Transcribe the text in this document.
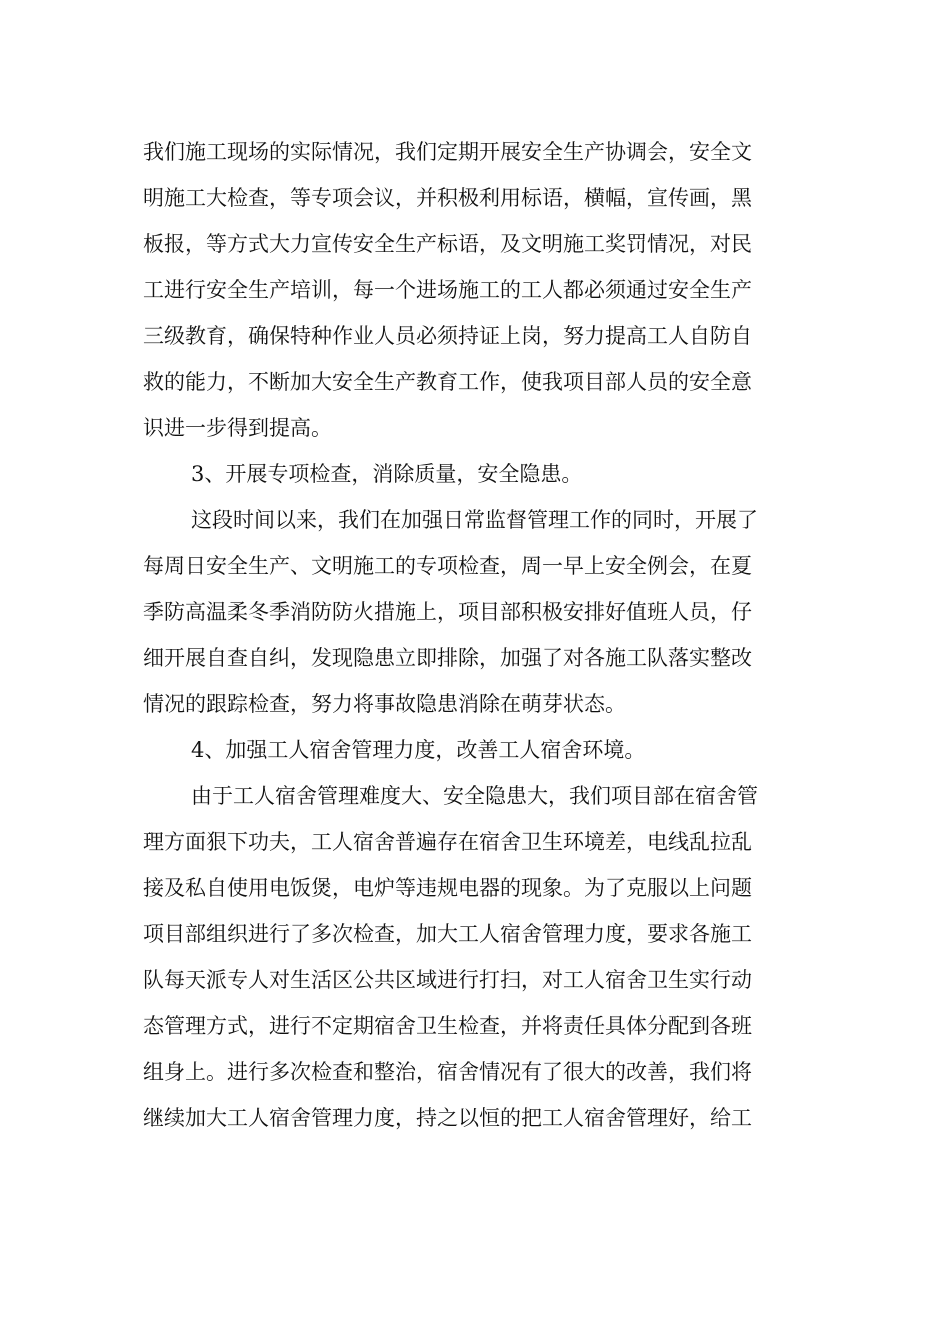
我们施工现场的实际情况，我们定期开展安全生产协调会，安全文
明施工大检查，等专项会议，并积极利用标语，横幅，宣传画，黑
板报，等方式大力宣传安全生产标语，及文明施工奖罚情况，对民
工进行安全生产培训，每一个进场施工的工人都必须通过安全生产
三级教育，确保特种作业人员必须持证上岗，努力提高工人自防自
救的能力，不断加大安全生产教育工作，使我项目部人员的安全意
识进一步得到提高。
3、开展专项检查，消除质量，安全隐患。
这段时间以来，我们在加强日常监督管理工作的同时，开展了
每周日安全生产、文明施工的专项检查，周一早上安全例会，在夏
季防高温柔冬季消防防火措施上，项目部积极安排好值班人员，仔
细开展自查自纠，发现隐患立即排除，加强了对各施工队落实整改
情况的跟踪检查，努力将事故隐患消除在萌芽状态。
4、加强工人宿舍管理力度，改善工人宿舍环境。
由于工人宿舍管理难度大、安全隐患大，我们项目部在宿舍管
理方面狠下功夫，工人宿舍普遍存在宿舍卫生环境差，电线乱拉乱
接及私自使用电饭煲，电炉等违规电器的现象。为了克服以上问题
项目部组织进行了多次检查，加大工人宿舍管理力度，要求各施工
队每天派专人对生活区公共区域进行打扫，对工人宿舍卫生实行动
态管理方式，进行不定期宿舍卫生检查，并将责任具体分配到各班
组身上。进行多次检查和整治，宿舍情况有了很大的改善，我们将
继续加大工人宿舍管理力度，持之以恒的把工人宿舍管理好，给工
